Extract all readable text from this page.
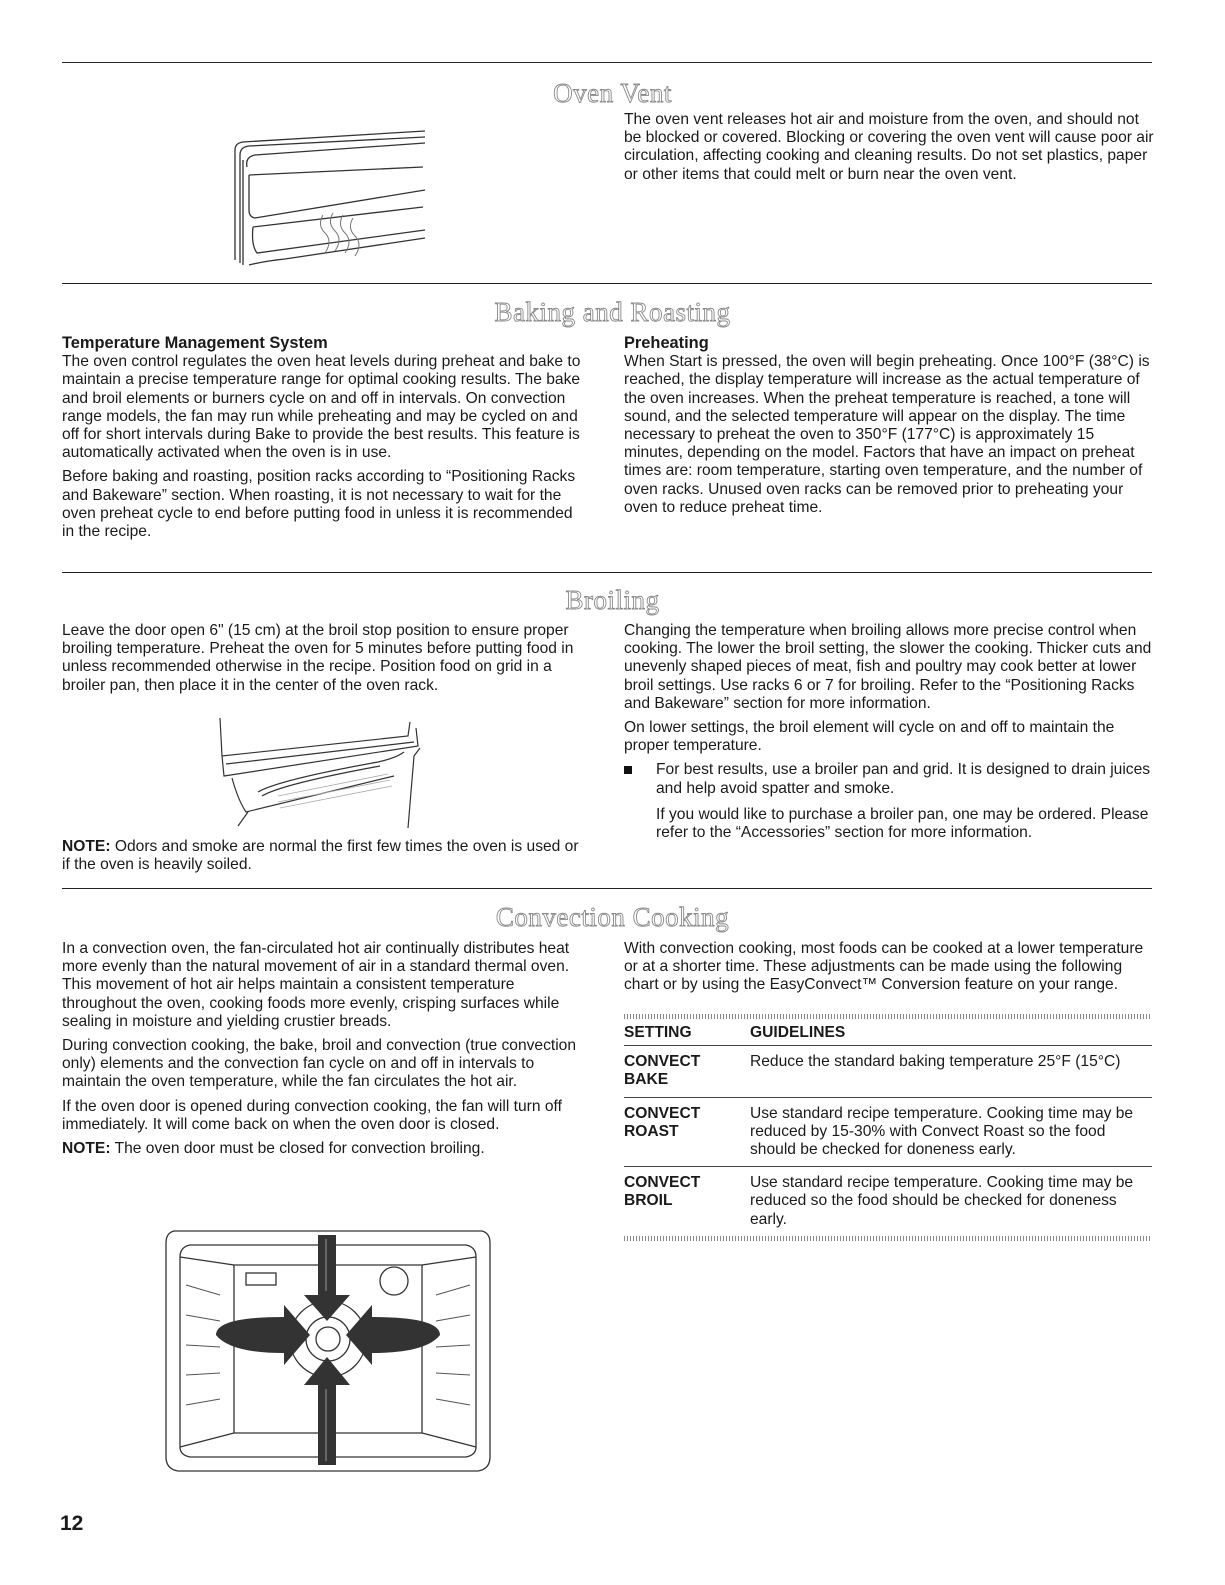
Oven Vent

The oven vent releases hot air and moisture from the oven, and should not be blocked or covered. Blocking or covering the oven vent will cause poor air circulation, affecting cooking and cleaning results. Do not set plastics, paper or other items that could melt or burn near the oven vent.

Baking and Roasting
Temperature Management System

The oven control regulates the oven heat levels during preheat and bake to maintain a precise temperature range for optimal cooking results. The bake and broil elements or burners cycle on and off in intervals. On convection range models, the fan may run while preheating and may be cycled on and off for short intervals during Bake to provide the best results. This feature is automatically activated when the oven is in use.

Before baking and roasting, position racks according to “Positioning Racks and Bakeware” section. When roasting, it is not necessary to wait for the oven preheat cycle to end before putting food in unless it is recommended in the recipe.

Preheating

When Start is pressed, the oven will begin preheating. Once 100°F (38°C) is reached, the display temperature will increase as the actual temperature of the oven increases. When the preheat temperature is reached, a tone will sound, and the selected temperature will appear on the display. The time necessary to preheat the oven to 350°F (177°C) is approximately 15 minutes, depending on the model. Factors that have an impact on preheat times are: room temperature, starting oven temperature, and the number of oven racks. Unused oven racks can be removed prior to preheating your oven to reduce preheat time.

Broiling

Leave the door open 6" (15 cm) at the broil stop position to ensure proper broiling temperature. Preheat the oven for 5 minutes before putting food in unless recommended otherwise in the recipe. Position food on grid in a broiler pan, then place it in the center of the oven rack.

NOTE: Odors and smoke are normal the first few times the oven is used or if the oven is heavily soiled.

Changing the temperature when broiling allows more precise control when cooking. The lower the broil setting, the slower the cooking. Thicker cuts and unevenly shaped pieces of meat, fish and poultry may cook better at lower broil settings. Use racks 6 or 7 for broiling. Refer to the “Positioning Racks and Bakeware” section for more information.

On lower settings, the broil element will cycle on and off to maintain the proper temperature.

For best results, use a broiler pan and grid. It is designed to drain juices and help avoid spatter and smoke.

If you would like to purchase a broiler pan, one may be ordered. Please refer to the “Accessories” section for more information.

Convection Cooking

In a convection oven, the fan-circulated hot air continually distributes heat more evenly than the natural movement of air in a standard thermal oven. This movement of hot air helps maintain a consistent temperature throughout the oven, cooking foods more evenly, crisping surfaces while sealing in moisture and yielding crustier breads.

During convection cooking, the bake, broil and convection (true convection only) elements and the convection fan cycle on and off in intervals to maintain the oven temperature, while the fan circulates the hot air.

If the oven door is opened during convection cooking, the fan will turn off immediately. It will come back on when the oven door is closed.

NOTE: The oven door must be closed for convection broiling.

With convection cooking, most foods can be cooked at a lower temperature or at a shorter time. These adjustments can be made using the following chart or by using the EasyConvect™ Conversion feature on your range.

SETTING	GUIDELINES
CONVECT
BAKE	Reduce the standard baking temperature 25°F (15°C)
CONVECT
ROAST	Use standard recipe temperature. Cooking time may be reduced by 15-30% with Convect Roast so the food should be checked for doneness early.
CONVECT
BROIL	Use standard recipe temperature. Cooking time may be reduced so the food should be checked for doneness early.
12
